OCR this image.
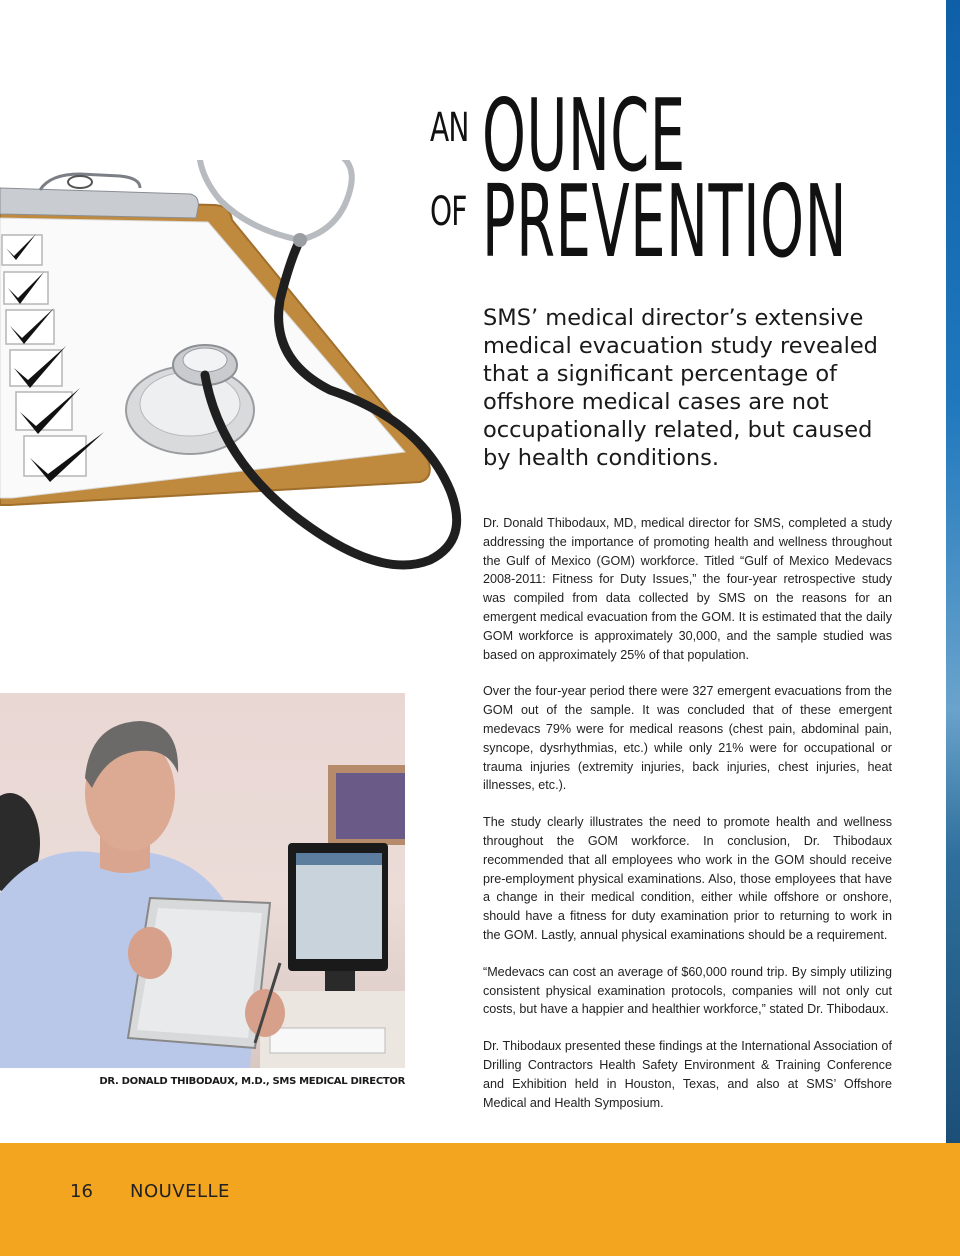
AN OUNCE
OF PREVENTION

SMS’ medical director’s extensive medical evacuation study revealed that a significant percentage of offshore medical cases are not occupationally related, but caused by health conditions.

Dr. Donald Thibodaux, MD, medical director for SMS, completed a study addressing the importance of promoting health and wellness throughout the Gulf of Mexico (GOM) workforce. Titled “Gulf of Mexico Medevacs 2008-2011: Fitness for Duty Issues,” the four-year retrospective study was compiled from data collected by SMS on the reasons for an emergent medical evacuation from the GOM. It is estimated that the daily GOM workforce is approximately 30,000, and the sample studied was based on approximately 25% of that population.

Over the four-year period there were 327 emergent evacuations from the GOM out of the sample. It was concluded that of these emergent medevacs 79% were for medical reasons (chest pain, abdominal pain, syncope, dysrhythmias, etc.) while only 21% were for occupational or trauma injuries (extremity injuries, back injuries, chest injuries, heat illnesses, etc.).

The study clearly illustrates the need to promote health and wellness throughout the GOM workforce. In conclusion, Dr. Thibodaux recommended that all employees who work in the GOM should receive pre-employment physical examinations. Also, those employees that have a change in their medical condition, either while offshore or onshore, should have a fitness for duty examination prior to returning to work in the GOM. Lastly, annual physical examinations should be a requirement.

“Medevacs can cost an average of $60,000 round trip. By simply utilizing consistent physical examination protocols, companies will not only cut costs, but have a happier and healthier workforce,” stated Dr. Thibodaux.

Dr. Thibodaux presented these findings at the International Association of Drilling Contractors Health Safety Environment & Training Conference and Exhibition held in Houston, Texas, and also at SMS’ Offshore Medical and Health Symposium.

DR. DONALD THIBODAUX, M.D., SMS MEDICAL DIRECTOR
16 NOUVELLE
